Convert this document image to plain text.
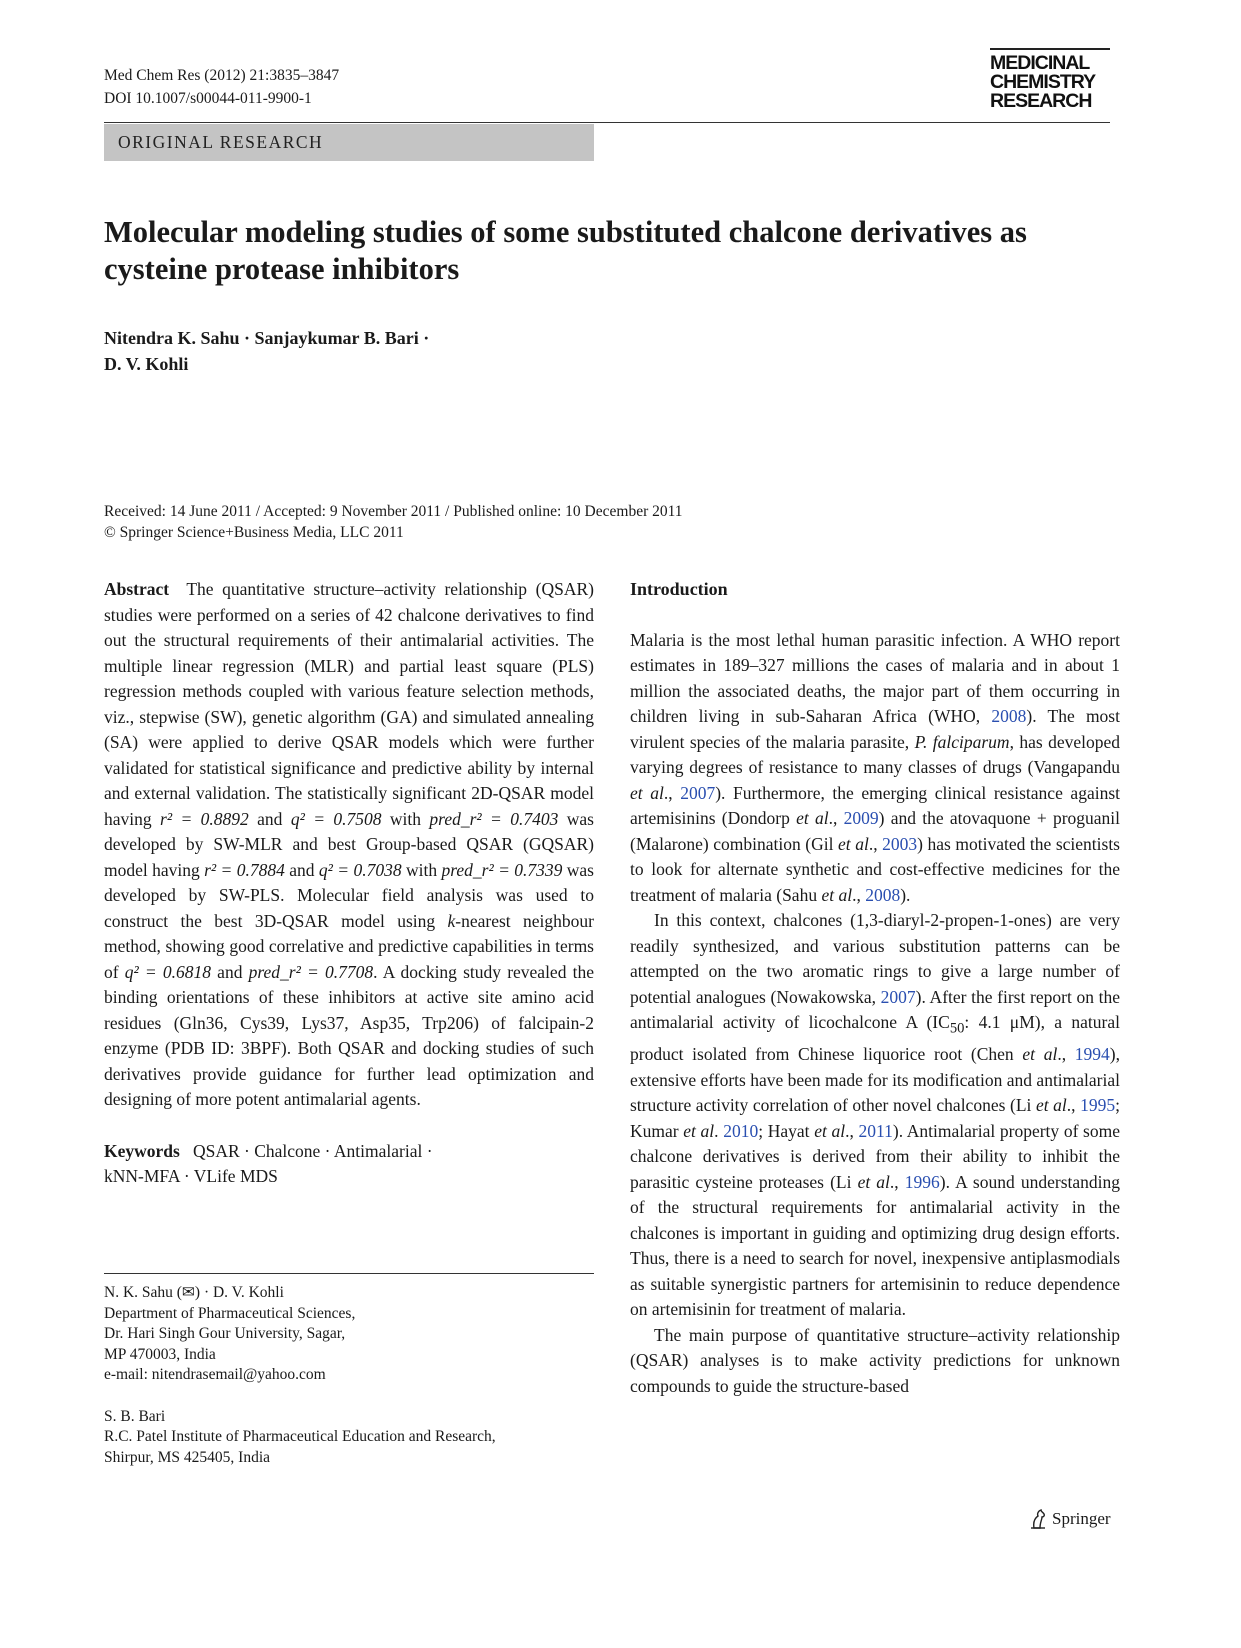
Med Chem Res (2012) 21:3835–3847
DOI 10.1007/s00044-011-9900-1
MEDICINAL
CHEMISTRY
RESEARCH
ORIGINAL RESEARCH
Molecular modeling studies of some substituted chalcone derivatives as cysteine protease inhibitors
Nitendra K. Sahu · Sanjaykumar B. Bari ·
D. V. Kohli
Received: 14 June 2011 / Accepted: 9 November 2011 / Published online: 10 December 2011
© Springer Science+Business Media, LLC 2011

Abstract The quantitative structure–activity relationship (QSAR) studies were performed on a series of 42 chalcone derivatives to find out the structural requirements of their antimalarial activities. The multiple linear regression (MLR) and partial least square (PLS) regression methods coupled with various feature selection methods, viz., stepwise (SW), genetic algorithm (GA) and simulated annealing (SA) were applied to derive QSAR models which were further validated for statistical significance and predictive ability by internal and external validation. The statistically significant 2D-QSAR model having r² = 0.8892 and q² = 0.7508 with pred_r² = 0.7403 was developed by SW-MLR and best Group-based QSAR (GQSAR) model having r² = 0.7884 and q² = 0.7038 with pred_r² = 0.7339 was developed by SW-PLS. Molecular field analysis was used to construct the best 3D-QSAR model using k-nearest neighbour method, showing good correlative and predictive capabilities in terms of q² = 0.6818 and pred_r² = 0.7708. A docking study revealed the binding orientations of these inhibitors at active site amino acid residues (Gln36, Cys39, Lys37, Asp35, Trp206) of falcipain-2 enzyme (PDB ID: 3BPF). Both QSAR and docking studies of such derivatives provide guidance for further lead optimization and designing of more potent antimalarial agents.

Keywords QSAR · Chalcone · Antimalarial ·
kNN-MFA · VLife MDS

N. K. Sahu (✉) · D. V. Kohli
Department of Pharmaceutical Sciences,
Dr. Hari Singh Gour University, Sagar,
MP 470003, India
e-mail: nitendrasemail@yahoo.com
S. B. Bari
R.C. Patel Institute of Pharmaceutical Education and Research,
Shirpur, MS 425405, India

Introduction

Malaria is the most lethal human parasitic infection. A WHO report estimates in 189–327 millions the cases of malaria and in about 1 million the associated deaths, the major part of them occurring in children living in sub-Saharan Africa (WHO, 2008). The most virulent species of the malaria parasite, P. falciparum, has developed varying degrees of resistance to many classes of drugs (Vangapandu et al., 2007). Furthermore, the emerging clinical resistance against artemisinins (Dondorp et al., 2009) and the atovaquone + proguanil (Malarone) combination (Gil et al., 2003) has motivated the scientists to look for alternate synthetic and cost-effective medicines for the treatment of malaria (Sahu et al., 2008).

In this context, chalcones (1,3-diaryl-2-propen-1-ones) are very readily synthesized, and various substitution patterns can be attempted on the two aromatic rings to give a large number of potential analogues (Nowakowska, 2007). After the first report on the antimalarial activity of licochalcone A ($IC_{50}$: 4.1 μM), a natural product isolated from Chinese liquorice root (Chen et al., 1994), extensive efforts have been made for its modification and antimalarial structure activity correlation of other novel chalcones (Li et al., 1995; Kumar et al. 2010; Hayat et al., 2011). Antimalarial property of some chalcone derivatives is derived from their ability to inhibit the parasitic cysteine proteases (Li et al., 1996). A sound understanding of the structural requirements for antimalarial activity in the chalcones is important in guiding and optimizing drug design efforts. Thus, there is a need to search for novel, inexpensive antiplasmodials as suitable synergistic partners for artemisinin to reduce dependence on artemisinin for treatment of malaria.

The main purpose of quantitative structure–activity relationship (QSAR) analyses is to make activity predictions for unknown compounds to guide the structure-based

Springer
